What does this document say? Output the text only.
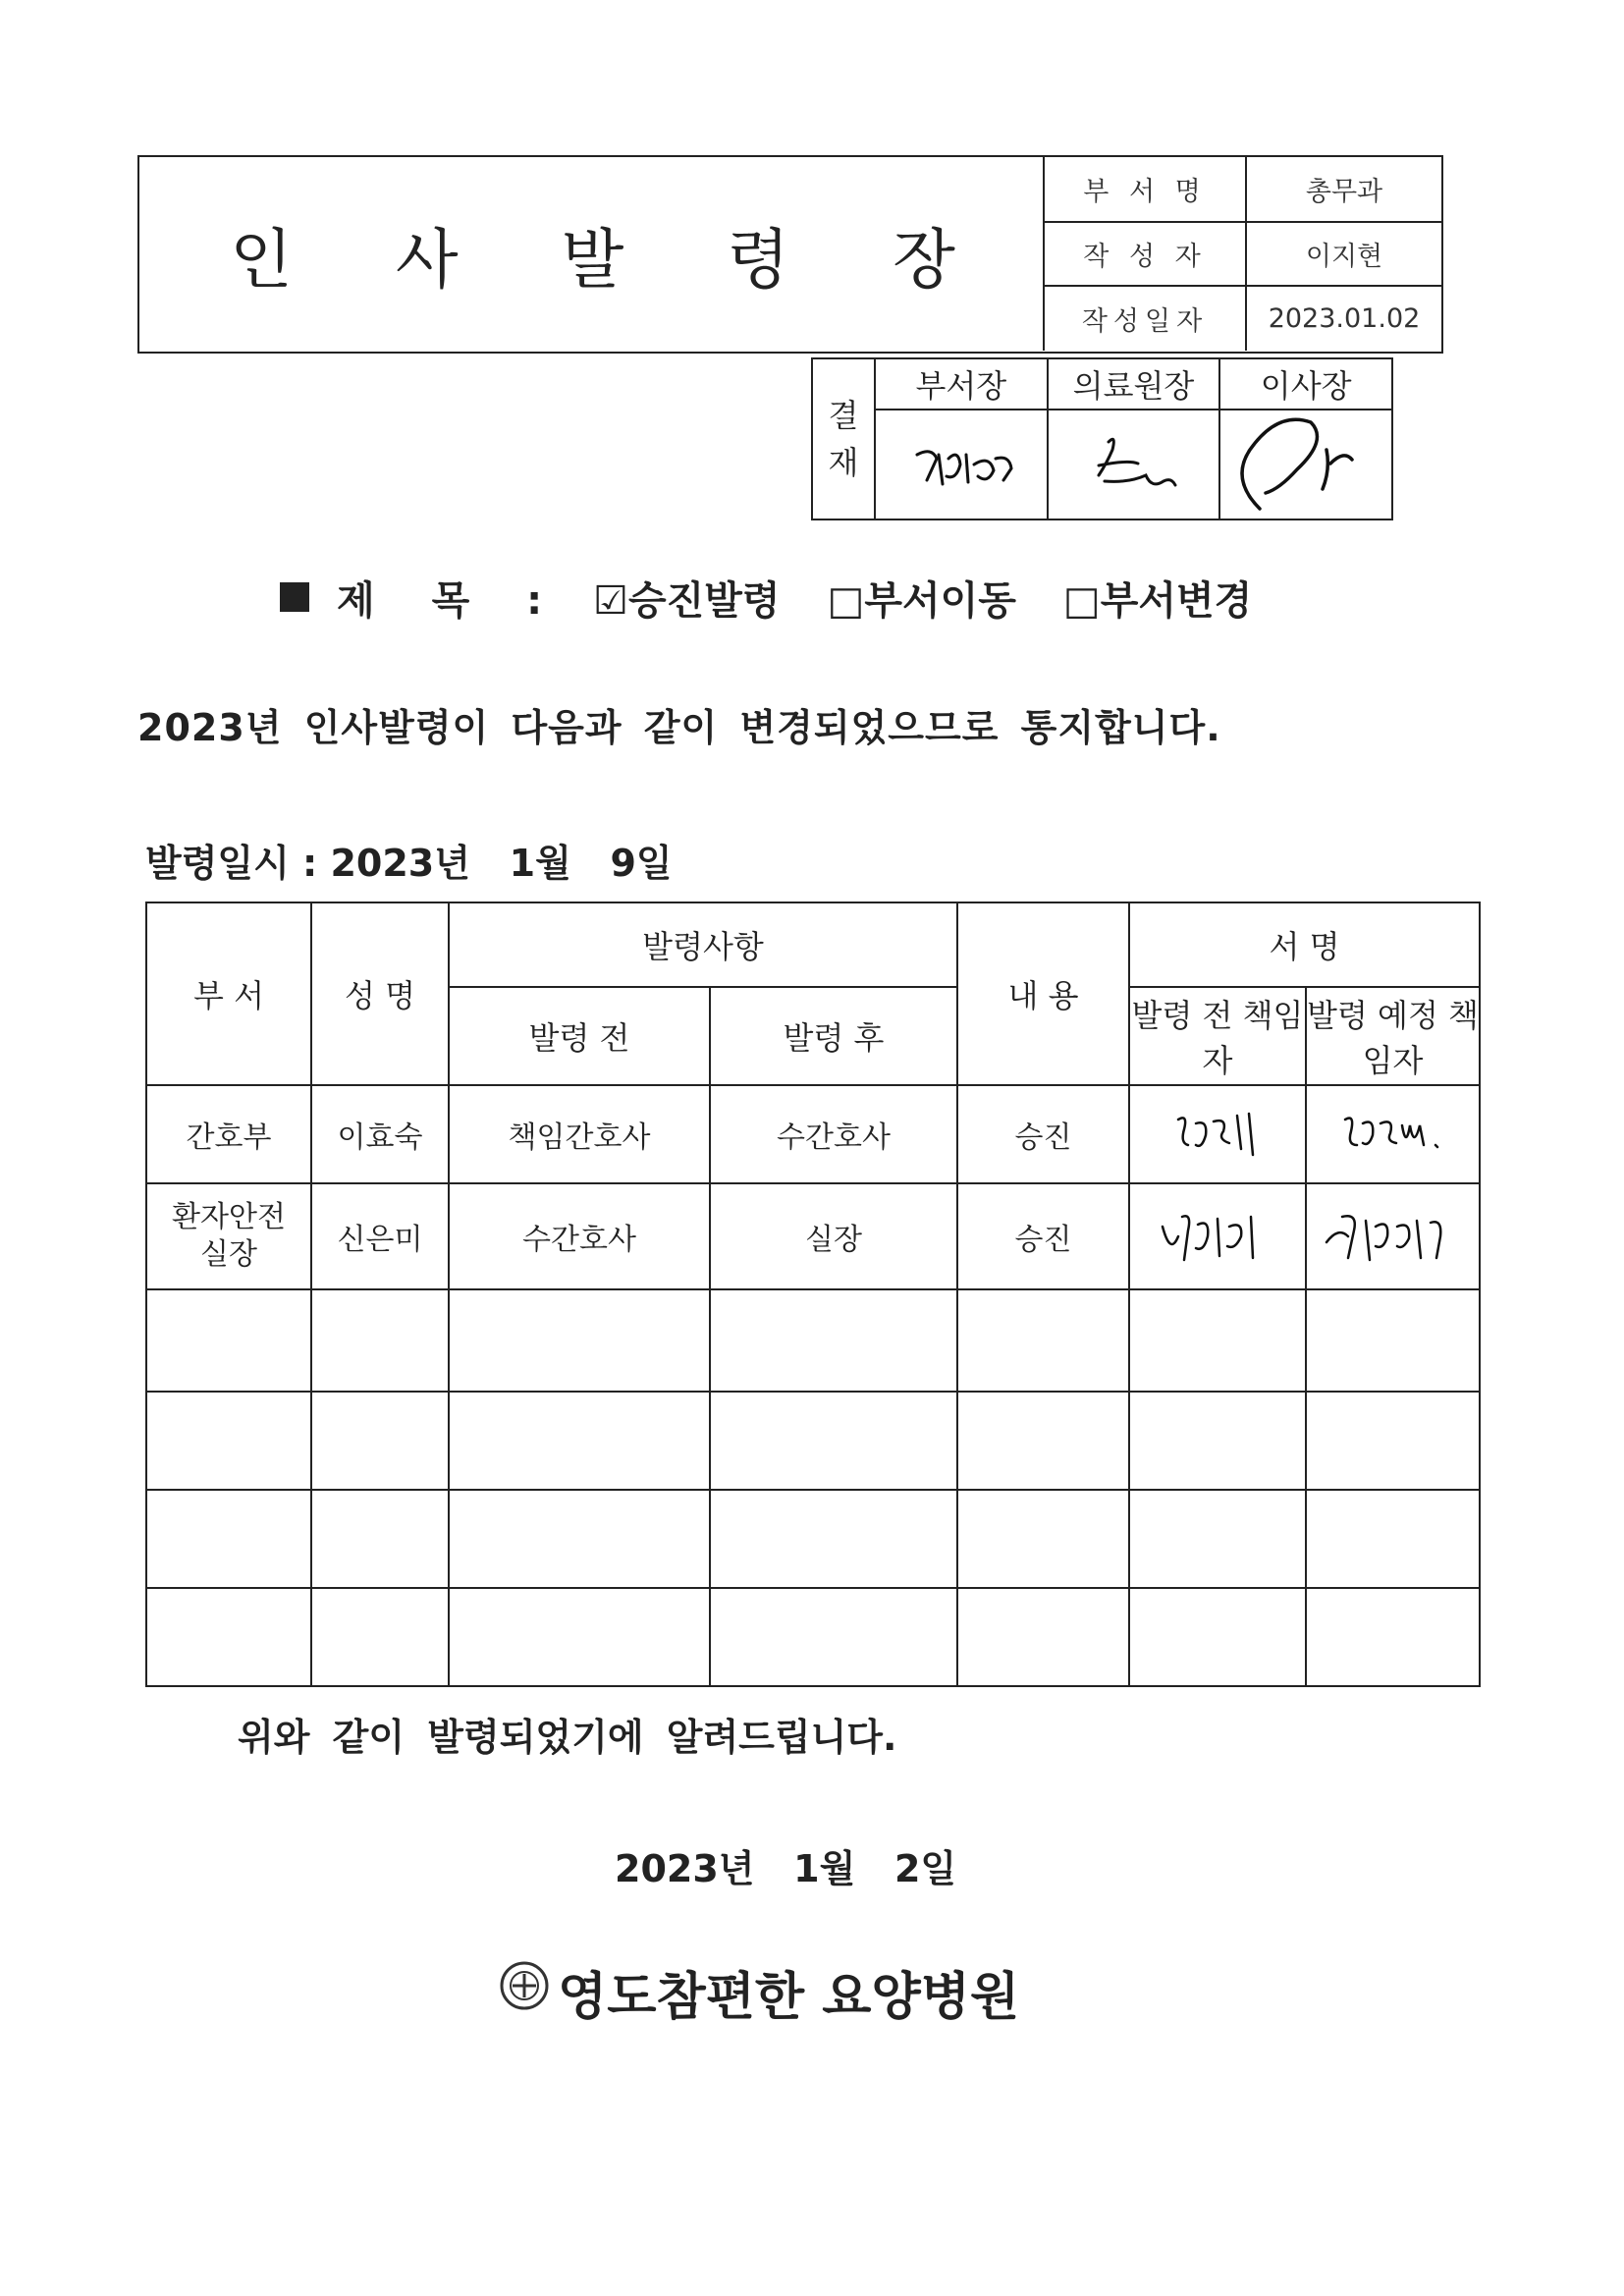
인 사 발 령 장
부 서 명	총무과
작 성 자	이지현
작성일자	2023.01.02
결
재	부서장	의료원장	이사장

제 목 : ☑승진발령 □부서이동 □부서변경
2023년 인사발령이 다음과 같이 변경되었으므로 통지합니다.
발령일시 : 2023년   1월   9일
부 서	성 명	발령사항		내 용	서 명	
		발령 전	발령 후		발령 전 책임자	발령 예정 책임자
간호부	이효숙	책임간호사	수간호사	승진	

환자안전 실장	신은미	수간호사	실장	승진	

위와 같이 발령되었기에 알려드립니다.
2023년   1월   2일
영도참편한 요양병원
